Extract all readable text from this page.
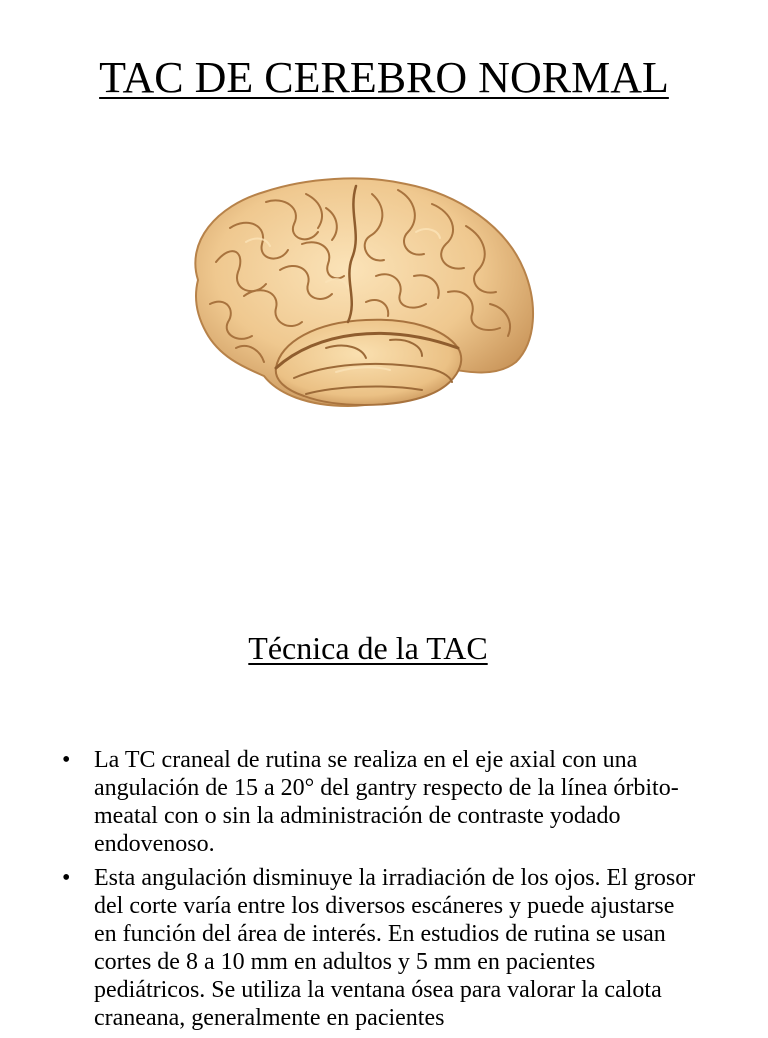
TAC DE CEREBRO NORMAL
Técnica de la TAC
• La TC craneal de rutina se realiza en el eje axial con una angulación de 15 a 20° del gantry respecto de la línea órbito-meatal con o sin la administración de contraste yodado endovenoso.
• Esta angulación disminuye la irradiación de los ojos. El grosor del corte varía entre los diversos escáneres y puede ajustarse en función del área de interés. En estudios de rutina se usan cortes de 8 a 10 mm en adultos y 5 mm en pacientes pediátricos. Se utiliza la ventana ósea para valorar la calota craneana, generalmente en pacientes
